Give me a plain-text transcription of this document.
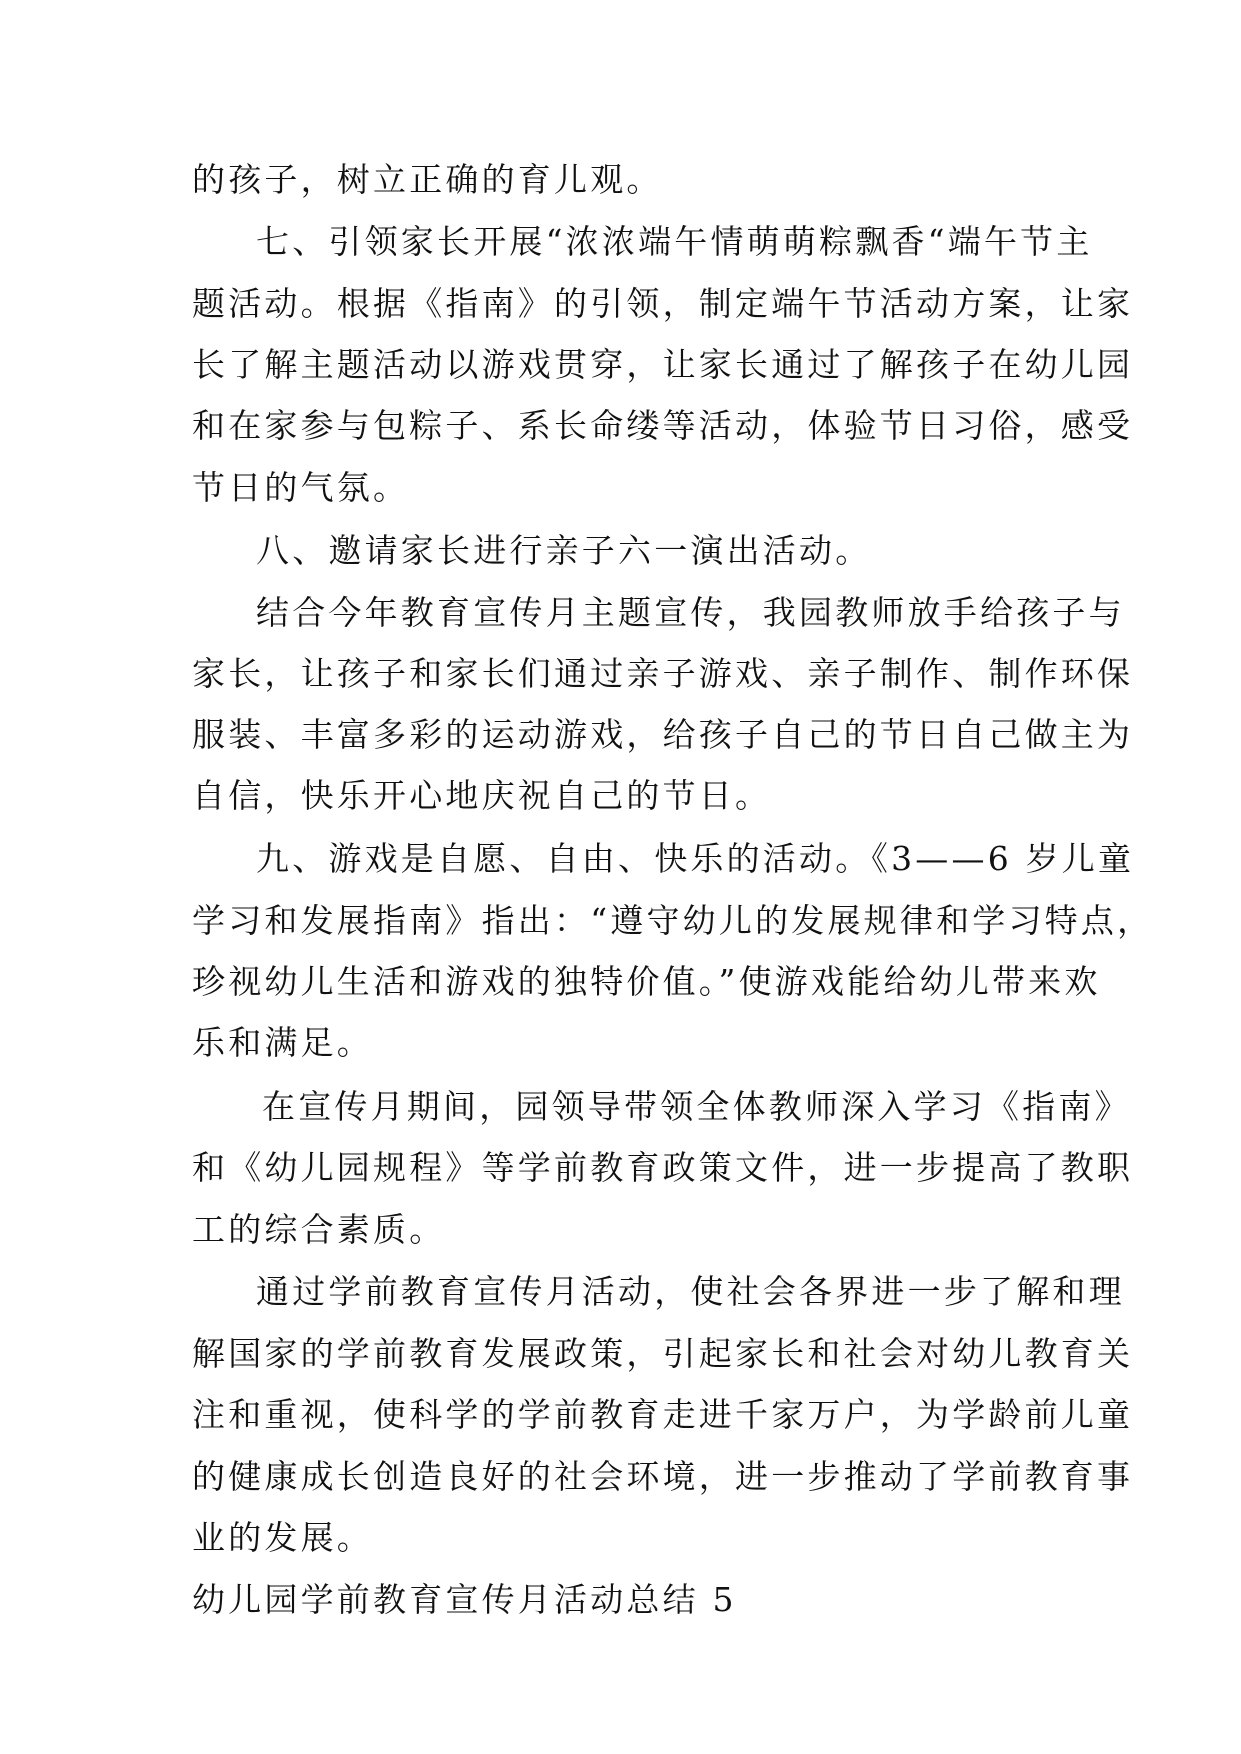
的孩子，树立正确的育儿观。
七、引领家长开展“浓浓端午情萌萌粽飘香“端午节主
题活动。根据《指南》的引领，制定端午节活动方案，让家
长了解主题活动以游戏贯穿，让家长通过了解孩子在幼儿园
和在家参与包粽子、系长命缕等活动，体验节日习俗，感受
节日的气氛。
八、邀请家长进行亲子六一演出活动。
结合今年教育宣传月主题宣传，我园教师放手给孩子与
家长，让孩子和家长们通过亲子游戏、亲子制作、制作环保
服装、丰富多彩的运动游戏，给孩子自己的节日自己做主为
自信，快乐开心地庆祝自己的节日。
九、游戏是自愿、自由、快乐的活动。《3——6 岁儿童
学习和发展指南》指出：“遵守幼儿的发展规律和学习特点，
珍视幼儿生活和游戏的独特价值。”使游戏能给幼儿带来欢
乐和满足。
在宣传月期间，园领导带领全体教师深入学习《指南》
和《幼儿园规程》等学前教育政策文件，进一步提高了教职
工的综合素质。
通过学前教育宣传月活动，使社会各界进一步了解和理
解国家的学前教育发展政策，引起家长和社会对幼儿教育关
注和重视，使科学的学前教育走进千家万户，为学龄前儿童
的健康成长创造良好的社会环境，进一步推动了学前教育事
业的发展。
幼儿园学前教育宣传月活动总结 5
